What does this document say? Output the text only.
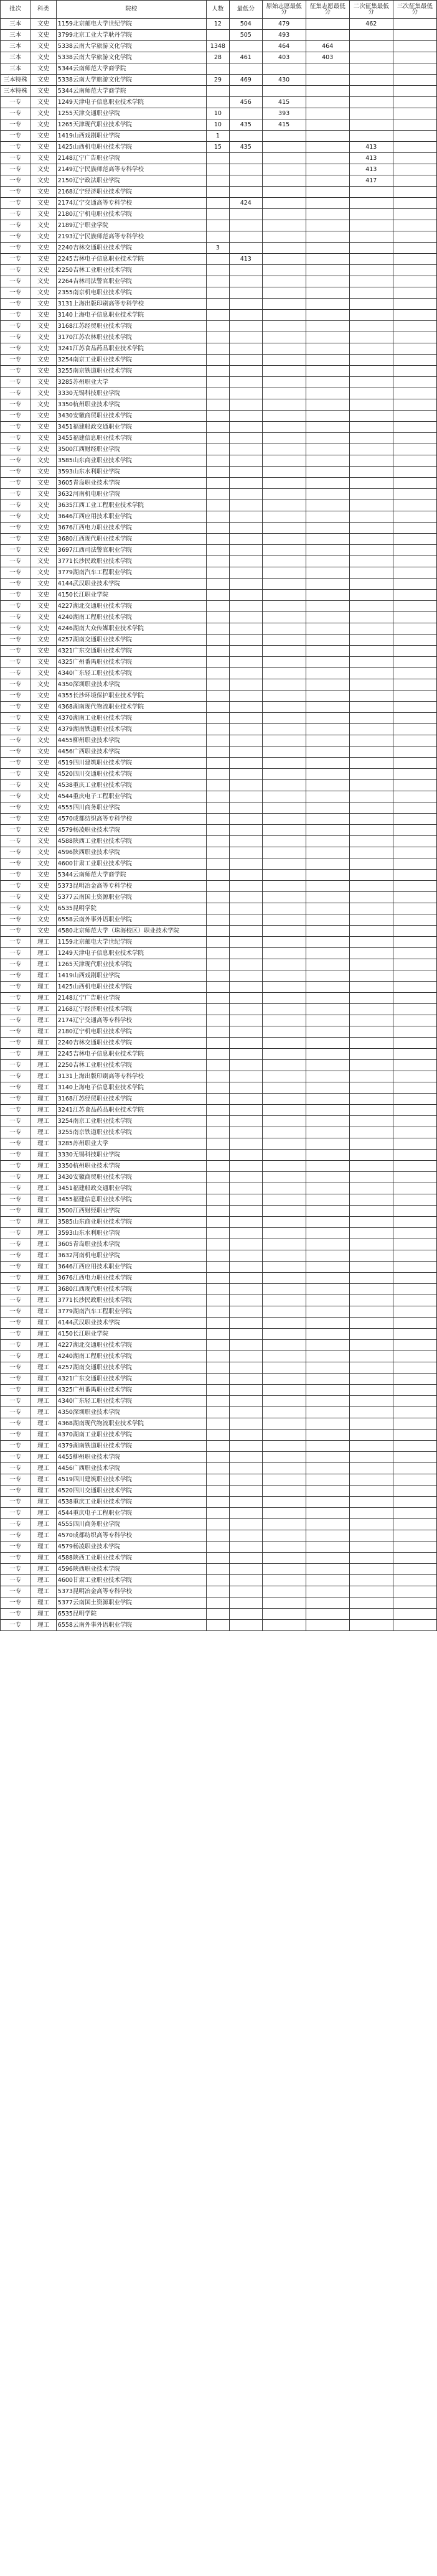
批次	科类	院校	人数	最低分	原始志愿最低分	征集志愿最低分	二次征集最低分	三次征集最低分
三本	文史	1159北京邮电大学世纪学院	12	504	479		462	
三本	文史	3799北京工业大学耿丹学院		505	493			
三本	文史	5338云南大学旅游文化学院	1348		464	464		
三本	文史	5338云南大学旅游文化学院	28	461	403	403		
三本	文史	5344云南师范大学商学院						
三本特殊	文史	5338云南大学旅游文化学院	29	469	430			
三本特殊	文史	5344云南师范大学商学院						
一专	文史	1249天津电子信息职业技术学院		456	415			
一专	文史	1255天津交通职业学院	10		393			
一专	文史	1265天津现代职业技术学院	10	435	415			
一专	文史	1419山西戏剧职业学院	1					
一专	文史	1425山西机电职业技术学院	15	435			413	
一专	文史	2148辽宁广告职业学院					413	
一专	文史	2149辽宁民族师范高等专科学校					413	
一专	文史	2150辽宁政法职业学院					417	
一专	文史	2168辽宁经济职业技术学院						
一专	文史	2174辽宁交通高等专科学校		424				
一专	文史	2180辽宁机电职业技术学院						
一专	文史	2189辽宁职业学院						
一专	文史	2193辽宁民族师范高等专科学校						
一专	文史	2240吉林交通职业技术学院	3					
一专	文史	2245吉林电子信息职业技术学院		413				
一专	文史	2250吉林工业职业技术学院						
一专	文史	2264吉林司法警官职业学院						
一专	文史	2355南京机电职业技术学院						
一专	文史	3131上海出版印刷高等专科学校						
一专	文史	3140上海电子信息职业技术学院						
一专	文史	3168江苏经贸职业技术学院						
一专	文史	3170江苏农林职业技术学院						
一专	文史	3241江苏食品药品职业技术学院						
一专	文史	3254南京工业职业技术学院						
一专	文史	3255南京铁道职业技术学院						
一专	文史	3285苏州职业大学						
一专	文史	3330无锡科技职业学院						
一专	文史	3350杭州职业技术学院						
一专	文史	3430安徽商贸职业技术学院						
一专	文史	3451福建船政交通职业学院						
一专	文史	3455福建信息职业技术学院						
一专	文史	3500江西财经职业学院						
一专	文史	3585山东商业职业技术学院						
一专	文史	3593山东水利职业学院						
一专	文史	3605青岛职业技术学院						
一专	文史	3632河南机电职业学院						
一专	文史	3635江西工业工程职业技术学院						
一专	文史	3646江西应用技术职业学院						
一专	文史	3676江西电力职业技术学院						
一专	文史	3680江西现代职业技术学院						
一专	文史	3697江西司法警官职业学院						
一专	文史	3771长沙民政职业技术学院						
一专	文史	3779湖南汽车工程职业学院						
一专	文史	4144武汉职业技术学院						
一专	文史	4150长江职业学院						
一专	文史	4227湖北交通职业技术学院						
一专	文史	4240湖南工程职业技术学院						
一专	文史	4246湖南大众传媒职业技术学院						
一专	文史	4257湖南交通职业技术学院						
一专	文史	4321广东交通职业技术学院						
一专	文史	4325广州番禺职业技术学院						
一专	文史	4340广东轻工职业技术学院						
一专	文史	4350深圳职业技术学院						
一专	文史	4355长沙环境保护职业技术学院						
一专	文史	4368湖南现代物流职业技术学院						
一专	文史	4370湖南工业职业技术学院						
一专	文史	4379湖南铁道职业技术学院						
一专	文史	4455柳州职业技术学院						
一专	文史	4456广西职业技术学院						
一专	文史	4519四川建筑职业技术学院						
一专	文史	4520四川交通职业技术学院						
一专	文史	4538重庆工业职业技术学院						
一专	文史	4544重庆电子工程职业学院						
一专	文史	4555四川商务职业学院						
一专	文史	4570成都纺织高等专科学校						
一专	文史	4579杨凌职业技术学院						
一专	文史	4588陕西工业职业技术学院						
一专	文史	4596陕西职业技术学院						
一专	文史	4600甘肃工业职业技术学院						
一专	文史	5344云南师范大学商学院						
一专	文史	5373昆明冶金高等专科学校						
一专	文史	5377云南国土资源职业学院						
一专	文史	6535昆明学院						
一专	文史	6558云南外事外语职业学院						
一专	文史	4580北京师范大学（珠海校区）职业技术学院						
一专	理工	1159北京邮电大学世纪学院						
一专	理工	1249天津电子信息职业技术学院						
一专	理工	1265天津现代职业技术学院						
一专	理工	1419山西戏剧职业学院						
一专	理工	1425山西机电职业技术学院						
一专	理工	2148辽宁广告职业学院						
一专	理工	2168辽宁经济职业技术学院						
一专	理工	2174辽宁交通高等专科学校						
一专	理工	2180辽宁机电职业技术学院						
一专	理工	2240吉林交通职业技术学院						
一专	理工	2245吉林电子信息职业技术学院						
一专	理工	2250吉林工业职业技术学院						
一专	理工	3131上海出版印刷高等专科学校						
一专	理工	3140上海电子信息职业技术学院						
一专	理工	3168江苏经贸职业技术学院						
一专	理工	3241江苏食品药品职业技术学院						
一专	理工	3254南京工业职业技术学院						
一专	理工	3255南京铁道职业技术学院						
一专	理工	3285苏州职业大学						
一专	理工	3330无锡科技职业学院						
一专	理工	3350杭州职业技术学院						
一专	理工	3430安徽商贸职业技术学院						
一专	理工	3451福建船政交通职业学院						
一专	理工	3455福建信息职业技术学院						
一专	理工	3500江西财经职业学院						
一专	理工	3585山东商业职业技术学院						
一专	理工	3593山东水利职业学院						
一专	理工	3605青岛职业技术学院						
一专	理工	3632河南机电职业学院						
一专	理工	3646江西应用技术职业学院						
一专	理工	3676江西电力职业技术学院						
一专	理工	3680江西现代职业技术学院						
一专	理工	3771长沙民政职业技术学院						
一专	理工	3779湖南汽车工程职业学院						
一专	理工	4144武汉职业技术学院						
一专	理工	4150长江职业学院						
一专	理工	4227湖北交通职业技术学院						
一专	理工	4240湖南工程职业技术学院						
一专	理工	4257湖南交通职业技术学院						
一专	理工	4321广东交通职业技术学院						
一专	理工	4325广州番禺职业技术学院						
一专	理工	4340广东轻工职业技术学院						
一专	理工	4350深圳职业技术学院						
一专	理工	4368湖南现代物流职业技术学院						
一专	理工	4370湖南工业职业技术学院						
一专	理工	4379湖南铁道职业技术学院						
一专	理工	4455柳州职业技术学院						
一专	理工	4456广西职业技术学院						
一专	理工	4519四川建筑职业技术学院						
一专	理工	4520四川交通职业技术学院						
一专	理工	4538重庆工业职业技术学院						
一专	理工	4544重庆电子工程职业学院						
一专	理工	4555四川商务职业学院						
一专	理工	4570成都纺织高等专科学校						
一专	理工	4579杨凌职业技术学院						
一专	理工	4588陕西工业职业技术学院						
一专	理工	4596陕西职业技术学院						
一专	理工	4600甘肃工业职业技术学院						
一专	理工	5373昆明冶金高等专科学校						
一专	理工	5377云南国土资源职业学院						
一专	理工	6535昆明学院						
一专	理工	6558云南外事外语职业学院						
